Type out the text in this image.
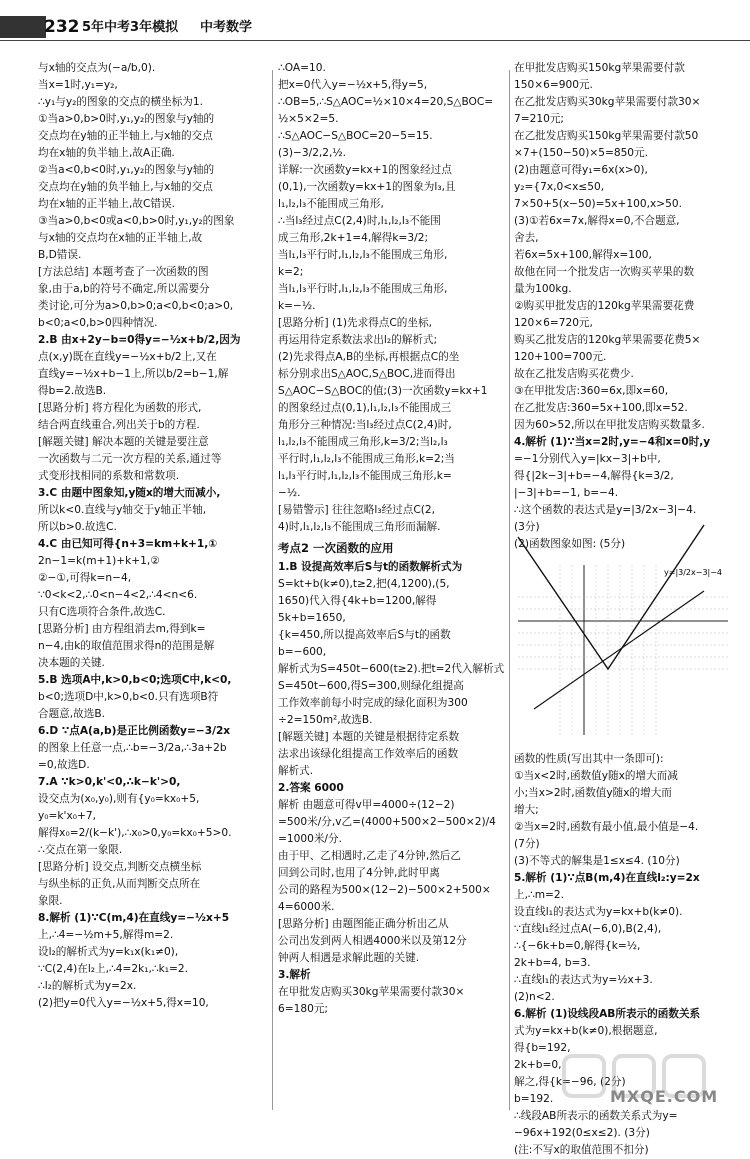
232 5年中考3年模拟 中考数学
与x轴的交点为(−a/b,0).
当x=1时,y₁=y₂,
∴y₁与y₂的图象的交点的横坐标为1.
①当a>0,b>0时,y₁,y₂的图象与y轴的
交点均在y轴的正半轴上,与x轴的交点
均在x轴的负半轴上,故A正确.
②当a<0,b<0时,y₁,y₂的图象与y轴的
交点均在y轴的负半轴上,与x轴的交点
均在x轴的正半轴上,故C错误.
③当a>0,b<0或a<0,b>0时,y₁,y₂的图象
与x轴的交点均在x轴的正半轴上,故
B,D错误.
[方法总结] 本题考查了一次函数的图
象,由于a,b的符号不确定,所以需要分
类讨论,可分为a>0,b>0;a<0,b<0;a>0,
b<0;a<0,b>0四种情况.
2.B 由x+2y−b=0得y=−½x+b/2,因为
点(x,y)既在直线y=−½x+b/2上,又在
直线y=−½x+b−1上,所以b/2=b−1,解
得b=2.故选B.
[思路分析] 将方程化为函数的形式,
结合两直线重合,列出关于b的方程.
[解题关键] 解决本题的关键是要注意
一次函数与二元一次方程的关系,通过等
式变形找相同的系数和常数项.
3.C 由题中图象知,y随x的增大而减小,
所以k<0.直线与y轴交于y轴正半轴,
所以b>0.故选C.
4.C 由已知可得{n+3=km+k+1,①
2n−1=k(m+1)+k+1,②
②−①,可得k=n−4,
∵0<k<2,∴0<n−4<2,∴4<n<6.
只有C选项符合条件,故选C.
[思路分析] 由方程组消去m,得到k=
n−4,由k的取值范围求得n的范围是解
决本题的关键.
5.B 选项A中,k>0,b<0;选项C中,k<0,
b<0;选项D中,k>0,b<0.只有选项B符
合题意,故选B.
6.D ∵点A(a,b)是正比例函数y=−3/2x
的图象上任意一点,∴b=−3/2a,∴3a+2b
=0,故选D.
7.A ∵k>0,k'<0,∴k−k'>0,
设交点为(x₀,y₀),则有{y₀=kx₀+5,
y₀=k'x₀+7,
解得x₀=2/(k−k'),∴x₀>0,y₀=kx₀+5>0.
∴交点在第一象限.
[思路分析] 设交点,判断交点横坐标
与纵坐标的正负,从而判断交点所在
象限.
8.解析 (1)∵C(m,4)在直线y=−½x+5
上,∴4=−½m+5,解得m=2.
设l₂的解析式为y=k₁x(k₁≠0),
∵C(2,4)在l₂上,∴4=2k₁,∴k₁=2.
∴l₂的解析式为y=2x.
(2)把y=0代入y=−½x+5,得x=10,
∴OA=10.
把x=0代入y=−½x+5,得y=5,
∴OB=5,∴S△AOC=½×10×4=20,S△BOC=
½×5×2=5.
∴S△AOC−S△BOC=20−5=15.
(3)−3/2,2,½.
详解:一次函数y=kx+1的图象经过点
(0,1),一次函数y=kx+1的图象为l₃,且
l₁,l₂,l₃不能围成三角形,
∴当l₃经过点C(2,4)时,l₁,l₂,l₃不能围
成三角形,2k+1=4,解得k=3/2;
当l₁,l₃平行时,l₁,l₂,l₃不能围成三角形,
k=2;
当l₁,l₃平行时,l₁,l₂,l₃不能围成三角形,
k=−½.
[思路分析] (1)先求得点C的坐标,
再运用待定系数法求出l₂的解析式;
(2)先求得点A,B的坐标,再根据点C的坐
标分别求出S△AOC,S△BOC,进而得出
S△AOC−S△BOC的值;(3)一次函数y=kx+1
的图象经过点(0,1),l₁,l₂,l₃不能围成三
角形分三种情况:当l₃经过点C(2,4)时,
l₁,l₂,l₃不能围成三角形,k=3/2;当l₂,l₃
平行时,l₁,l₂,l₃不能围成三角形,k=2;当
l₁,l₃平行时,l₁,l₂,l₃不能围成三角形,k=
−½.
[易错警示] 往往忽略l₃经过点C(2,
4)时,l₁,l₂,l₃不能围成三角形而漏解.
考点2 一次函数的应用
1.B 设提高效率后S与t的函数解析式为
S=kt+b(k≠0),t≥2,把(4,1200),(5,
1650)代入得{4k+b=1200,解得
5k+b=1650,
{k=450,所以提高效率后S与t的函数
b=−600,
解析式为S=450t−600(t≥2).把t=2代入解析式
S=450t−600,得S=300,则绿化组提高
工作效率前每小时完成的绿化面积为300
÷2=150m²,故选B.
[解题关键] 本题的关键是根据待定系数
法求出该绿化组提高工作效率后的函数
解析式.
2.答案 6000
解析 由题意可得v甲=4000÷(12−2)
=500米/分,v乙=(4000+500×2−500×2)/4
=1000米/分.
由于甲、乙相遇时,乙走了4分钟,然后乙
回到公司时,也用了4分钟,此时甲离
公司的路程为500×(12−2)−500×2+500×
4=6000米.
[思路分析] 由题图能正确分析出乙从
公司出发到两人相遇4000米以及第12分
钟两人相遇是求解此题的关键.
3.解析
在甲批发店购买30kg苹果需要付款30×
6=180元;
在甲批发店购买150kg苹果需要付款
150×6=900元.
在乙批发店购买30kg苹果需要付款30×
7=210元;
在乙批发店购买150kg苹果需要付款50
×7+(150−50)×5=850元.
(2)由题意可得y₁=6x(x>0),
y₂={7x,0<x≤50,
7×50+5(x−50)=5x+100,x>50.
(3)①若6x=7x,解得x=0,不合题意,
舍去,
若6x=5x+100,解得x=100,
故他在同一个批发店一次购买苹果的数
量为100kg.
②购买甲批发店的120kg苹果需要花费
120×6=720元,
购买乙批发店的120kg苹果需要花费5×
120+100=700元.
故在乙批发店购买花费少.
③在甲批发店:360=6x,即x=60,
在乙批发店:360=5x+100,即x=52.
因为60>52,所以在甲批发店购买数量多.
4.解析 (1)∵当x=2时,y=−4和x=0时,y
=−1分别代入y=|kx−3|+b中,
得{|2k−3|+b=−4,解得{k=3/2,
|−3|+b=−1, b=−4.
∴这个函数的表达式是y=|3/2x−3|−4.
(3分)
(2)函数图象如图: (5分)
y=|3/2x−3|−4
函数的性质(写出其中一条即可):
①当x<2时,函数值y随x的增大而减
小;当x>2时,函数值y随x的增大而
增大;
②当x=2时,函数有最小值,最小值是−4.
(7分)
(3)不等式的解集是1≤x≤4. (10分)
5.解析 (1)∵点B(m,4)在直线l₂:y=2x
上,∴m=2.
设直线l₁的表达式为y=kx+b(k≠0).
∵直线l₁经过点A(−6,0),B(2,4),
∴{−6k+b=0,解得{k=½,
2k+b=4, b=3.
∴直线l₁的表达式为y=½x+3.
(2)n<2.
6.解析 (1)设线段AB所表示的函数关系
式为y=kx+b(k≠0),根据题意,
得{b=192,
2k+b=0,
解之,得{k=−96, (2分)
b=192.
∴线段AB所表示的函数关系式为y=
−96x+192(0≤x≤2). (3分)
(注:不写x的取值范围不扣分)
MXQE.COM
